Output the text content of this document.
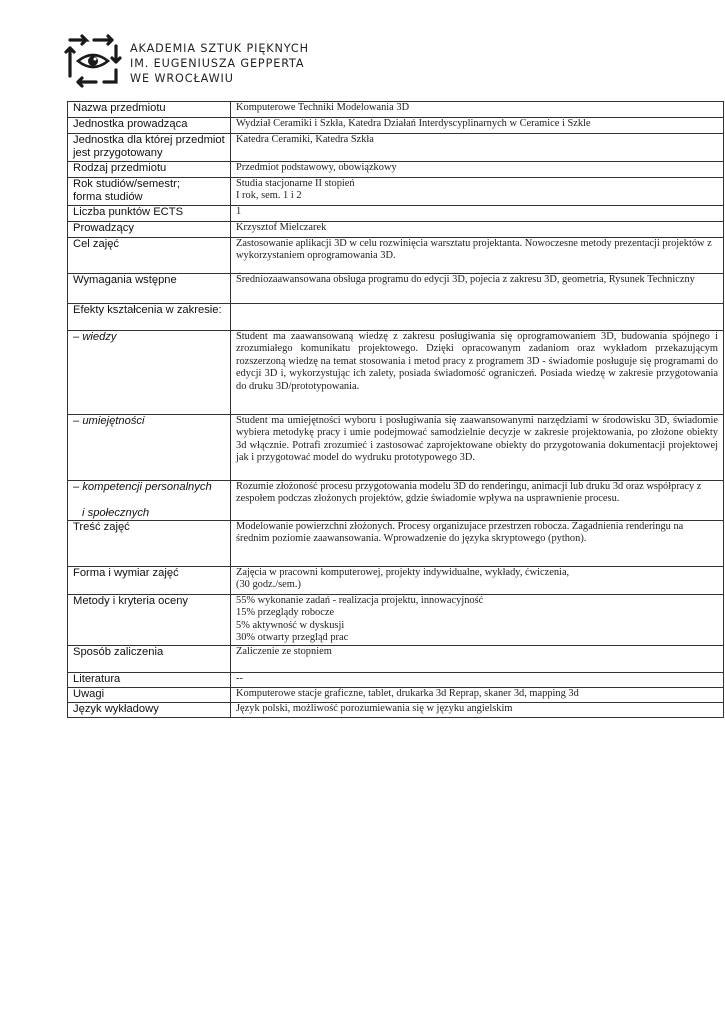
AKADEMIA SZTUK PIĘKNYCH
IM. EUGENIUSZA GEPPERTA
WE WROCŁAWIU
Nazwa przedmiotu	Komputerowe Techniki Modelowania 3D
Jednostka prowadząca	Wydział Ceramiki i Szkła, Katedra Działań Interdyscyplinarnych w Ceramice i Szkle
Jednostka dla której przedmiot jest przygotowany	Katedra Ceramiki, Katedra Szkła
Rodzaj przedmiotu	Przedmiot podstawowy, obowiązkowy

Rok studiów/semestr;
forma studiów	Studia stacjonarne II stopień
I rok, sem. 1 i 2

Liczba punktów ECTS	1
Prowadzący	Krzysztof Mielczarek
Cel zajęć	Zastosowanie aplikacji 3D w celu rozwinięcia warsztatu projektanta. Nowoczesne metody prezentacji projektów z wykorzystaniem oprogramowania 3D.
Wymagania wstępne	Średniozaawansowana obsługa programu do edycji 3D, pojecia z zakresu 3D, geometria, Rysunek Techniczny
Efekty kształcenia w zakresie:	
– wiedzy	Student ma zaawansowaną wiedzę z zakresu posługiwania się oprogramowaniem 3D, budowania spójnego i zrozumiałego komunikatu projektowego. Dzięki opracowanym zadaniom oraz wykładom przekazującym rozszerzoną wiedzę na temat stosowania i metod pracy z programem 3D - świadomie posługuje się programami do edycji 3D i, wykorzystując ich zalety, posiada świadomość ograniczeń. Posiada wiedzę w zakresie przygotowania do druku 3D/prototypowania.
– umiejętności	Student ma umiejętności wyboru i posługiwania się zaawansowanymi narzędziami w środowisku 3D, świadomie wybiera metodykę pracy i umie podejmować samodzielnie decyzje w zakresie projektowania, po złożone obiekty 3d włącznie. Potrafi zrozumieć i zastosować zaprojektowane obiekty do przygotowania dokumentacji projektowej jak i przygotować model do wydruku prototypowego 3D.

– kompetencji personalnych
i społecznych	Rozumie złożoność procesu przygotowania modelu 3D do renderingu, animacji lub druku 3d oraz współpracy z zespołem podczas złożonych projektów, gdzie świadomie wpływa na usprawnienie procesu.
Treść zajęć	Modelowanie powierzchni złożonych. Procesy organizujace przestrzen robocza. Zagadnienia renderingu na średnim poziomie zaawansowania. Wprowadzenie do języka skryptowego (python).
Forma i wymiar zajęć	Zajęcia w pracowni komputerowej, projekty indywidualne, wykłady, ćwiczenia,
(30 godz./sem.)

Metody i kryteria oceny	55% wykonanie zadań - realizacja projektu, innowacyjność
15% przeglądy robocze
5% aktywność w dyskusji
30% otwarty przegląd prac

Sposób zaliczenia	Zaliczenie ze stopniem
Literatura	--
Uwagi	Komputerowe stacje graficzne, tablet, drukarka 3d Reprap, skaner 3d, mapping 3d
Język wykładowy	Język polski, możliwość porozumiewania się w języku angielskim
